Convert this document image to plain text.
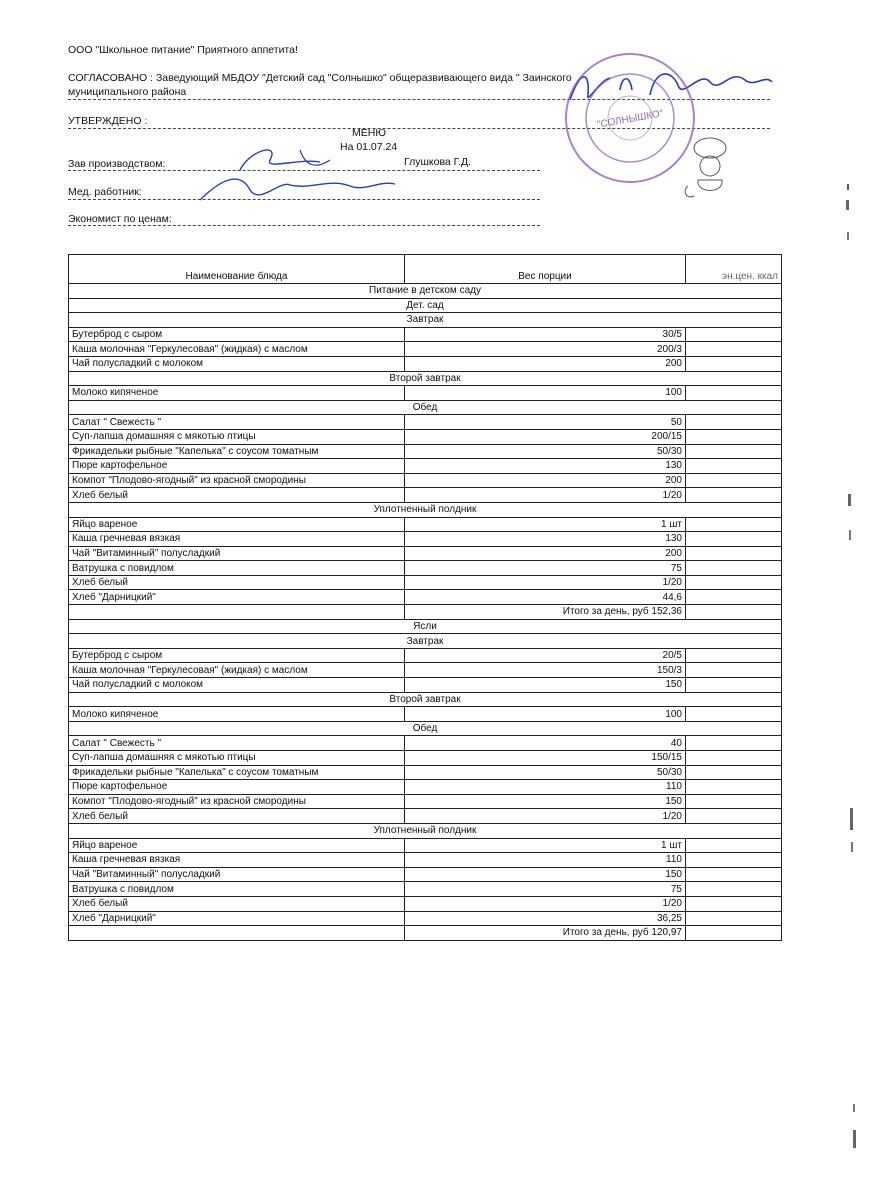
ООО "Школьное питание" Приятного аппетита!
СОГЛАСОВАНО : Заведующий МБДОУ "Детский сад "Солнышко" общеразвивающего вида " Заинского
муниципального района
УТВЕРЖДЕНО :
МЕНЮ
На 01.07.24
Зав производством:	Глушкова Г.Д.
Мед. работник:
Экономист по ценам:
"СОЛНЫШКО"
Наименование блюда	Вес порции	эн.цен. ккал
Питание в детском саду		
Дет. сад		
Завтрак		
Бутерброд с сыром	30/5	
Каша молочная "Геркулесовая" (жидкая) с маслом	200/3	
Чай полусладкий с молоком	200	
Второй завтрак		
Молоко кипяченое	100	
Обед		
Салат " Свежесть "	50	
Суп-лапша домашняя с мякотью птицы	200/15	
Фрикадельки рыбные "Капелька" с соусом томатным	50/30	
Пюре картофельное	130	
Компот "Плодово-ягодный" из красной смородины	200	
Хлеб белый	1/20	
Уплотненный полдник		
Яйцо вареное	1 шт	
Каша гречневая вязкая	130	
Чай "Витаминный" полусладкий	200	
Ватрушка с повидлом	75	
Хлеб белый	1/20	
Хлеб "Дарницкий"	44,6	
	Итого за день, руб 152,36	
Ясли		
Завтрак		
Бутерброд с сыром	20/5	
Каша молочная "Геркулесовая" (жидкая) с маслом	150/3	
Чай полусладкий с молоком	150	
Второй завтрак		
Молоко кипяченое	100	
Обед		
Салат " Свежесть "	40	
Суп-лапша домашняя с мякотью птицы	150/15	
Фрикадельки рыбные "Капелька" с соусом томатным	50/30	
Пюре картофельное	110	
Компот "Плодово-ягодный" из красной смородины	150	
Хлеб белый	1/20	
Уплотненный полдник		
Яйцо вареное	1 шт	
Каша гречневая вязкая	110	
Чай "Витаминный" полусладкий	150	
Ватрушка с повидлом	75	
Хлеб белый	1/20	
Хлеб "Дарницкий"	36,25	
	Итого за день, руб 120,97	
